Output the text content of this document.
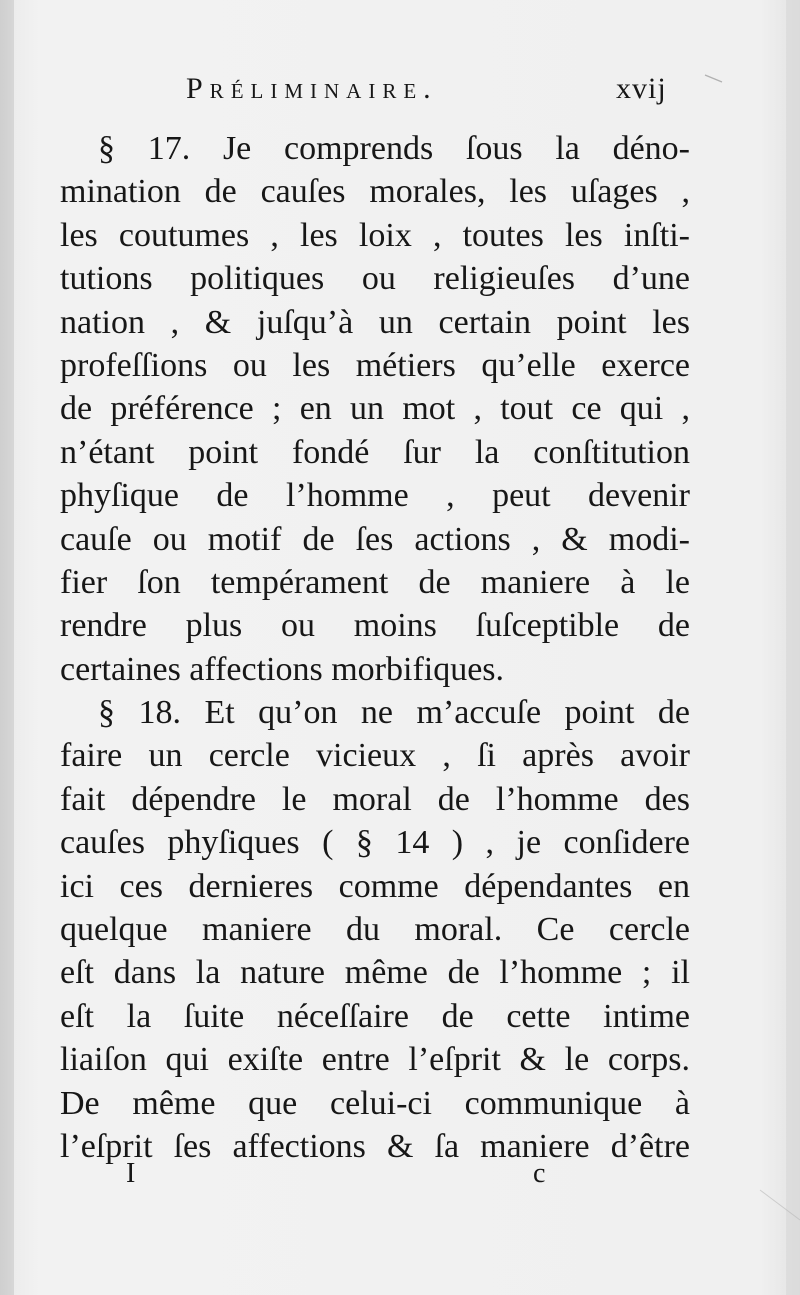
Préliminaire.	xvij
§ 17. Je comprends ſous la déno-
mination de cauſes morales, les uſages ,
les coutumes , les loix , toutes les inſti-
tutions politiques ou religieuſes d’une
nation , & juſqu’à un certain point les
profeſſions ou les métiers qu’elle exerce
de préférence ; en un mot , tout ce qui ,
n’étant point fondé ſur la conſtitution
phyſique de l’homme , peut devenir
cauſe ou motif de ſes actions , & modi-
fier ſon tempérament de maniere à le
rendre plus ou moins ſuſceptible de
certaines affections morbifiques.
§ 18. Et qu’on ne m’accuſe point de
faire un cercle vicieux , ſi après avoir
fait dépendre le moral de l’homme des
cauſes phyſiques ( § 14 ) , je conſidere
ici ces dernieres comme dépendantes en
quelque maniere du moral. Ce cercle
eſt dans la nature même de l’homme ; il
eſt la ſuite néceſſaire de cette intime
liaiſon qui exiſte entre l’eſprit & le corps.
De même que celui-ci communique à
l’eſprit ſes affections & ſa maniere d’être
I	c
